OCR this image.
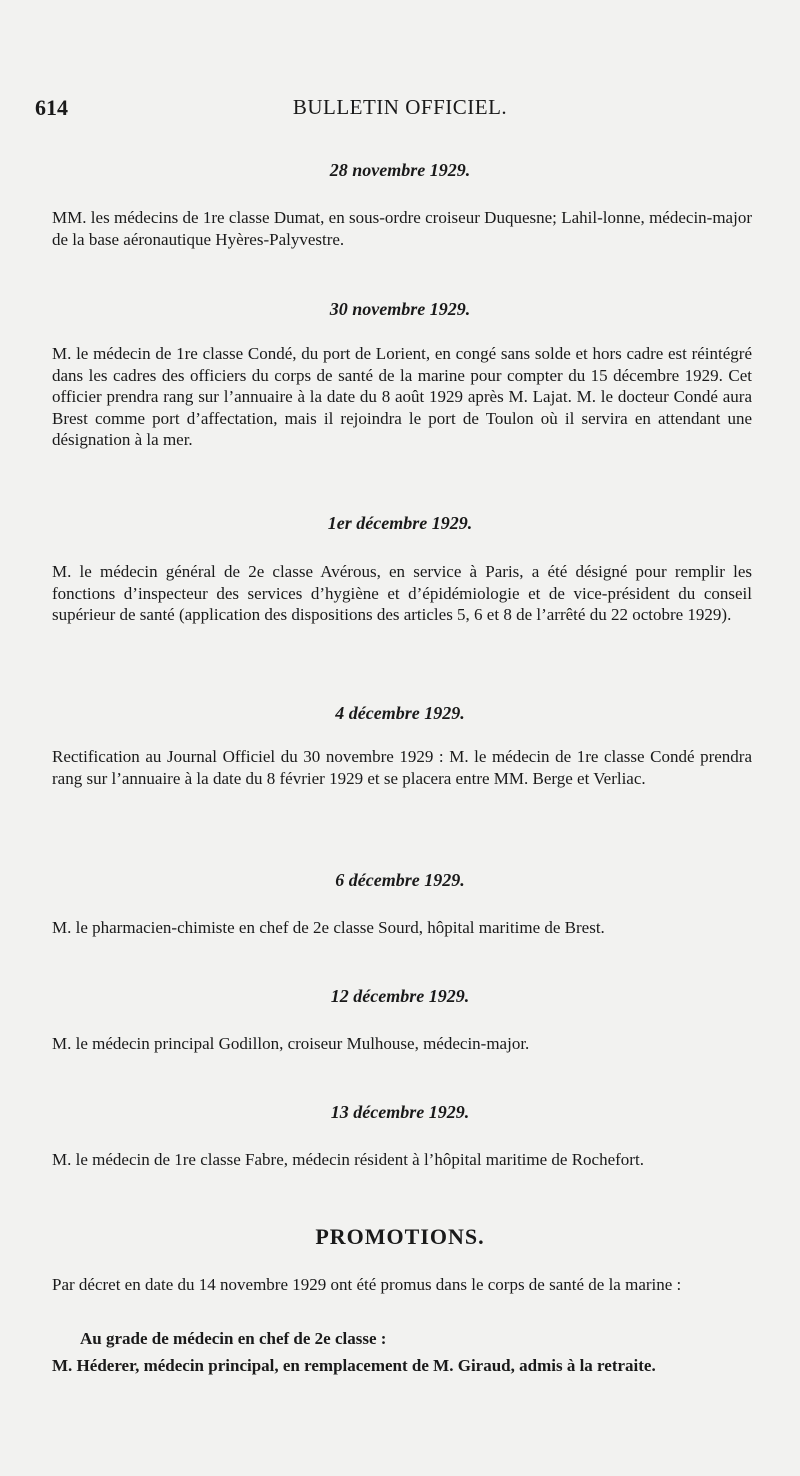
614	BULLETIN OFFICIEL.
28 novembre 1929.

MM. les médecins de 1re classe Dumat, en sous-ordre croiseur Duquesne; Lahil-lonne, médecin-major de la base aéronautique Hyères-Palyvestre.

30 novembre 1929.

M. le médecin de 1re classe Condé, du port de Lorient, en congé sans solde et hors cadre est réintégré dans les cadres des officiers du corps de santé de la marine pour compter du 15 décembre 1929. Cet officier prendra rang sur l’annuaire à la date du 8 août 1929 après M. Lajat. M. le docteur Condé aura Brest comme port d’affectation, mais il rejoindra le port de Toulon où il servira en attendant une désignation à la mer.

1er décembre 1929.

M. le médecin général de 2e classe Avérous, en service à Paris, a été désigné pour remplir les fonctions d’inspecteur des services d’hygiène et d’épidémiologie et de vice-président du conseil supérieur de santé (application des dispositions des articles 5, 6 et 8 de l’arrêté du 22 octobre 1929).

4 décembre 1929.

Rectification au Journal Officiel du 30 novembre 1929 : M. le médecin de 1re classe Condé prendra rang sur l’annuaire à la date du 8 février 1929 et se placera entre MM. Berge et Verliac.

6 décembre 1929.

M. le pharmacien-chimiste en chef de 2e classe Sourd, hôpital maritime de Brest.

12 décembre 1929.

M. le médecin principal Godillon, croiseur Mulhouse, médecin-major.

13 décembre 1929.

M. le médecin de 1re classe Fabre, médecin résident à l’hôpital maritime de Rochefort.

PROMOTIONS.

Par décret en date du 14 novembre 1929 ont été promus dans le corps de santé de la marine :

Au grade de médecin en chef de 2e classe :

M. Héderer, médecin principal, en remplacement de M. Giraud, admis à la retraite.
